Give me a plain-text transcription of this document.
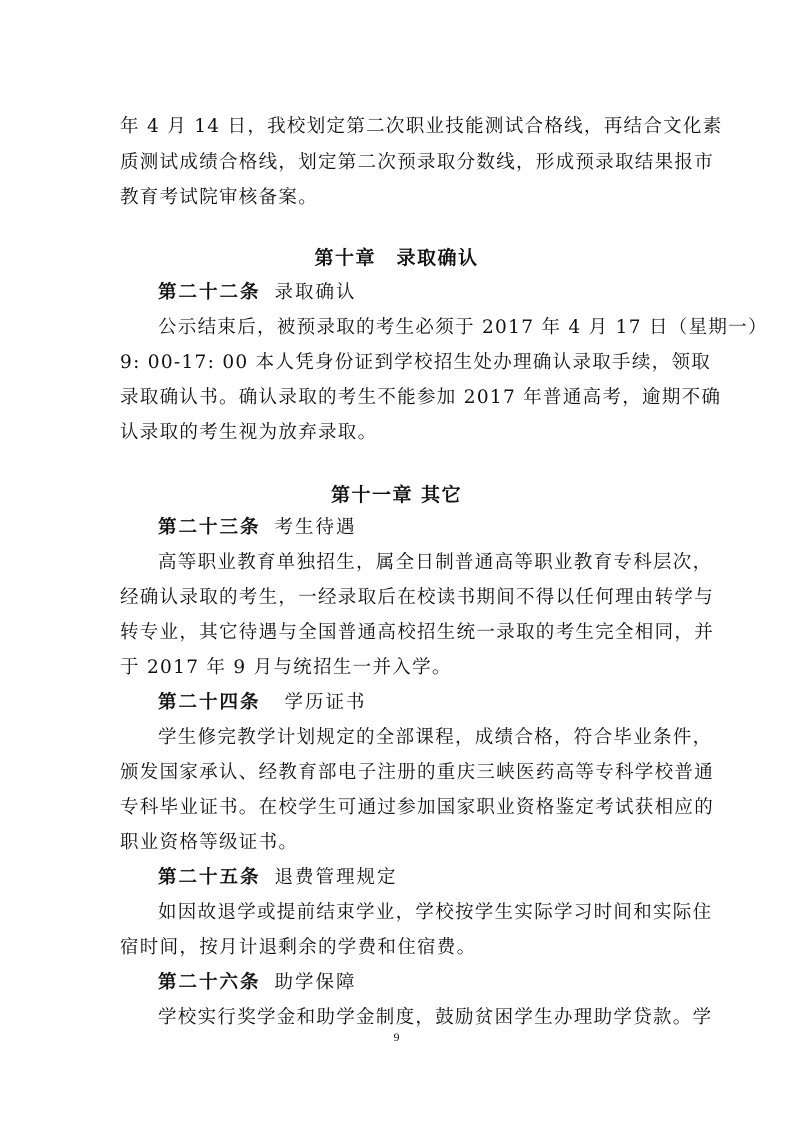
年 4 月 14 日，我校划定第二次职业技能测试合格线，再结合文化素
质测试成绩合格线，划定第二次预录取分数线，形成预录取结果报市
教育考试院审核备案。
第十章　录取确认
第二十二条 录取确认
公示结束后，被预录取的考生必须于 2017 年 4 月 17 日（星期一）
9: 00-17: 00 本人凭身份证到学校招生处办理确认录取手续，领取
录取确认书。确认录取的考生不能参加 2017 年普通高考，逾期不确
认录取的考生视为放弃录取。
第十一章 其它
第二十三条 考生待遇
高等职业教育单独招生，属全日制普通高等职业教育专科层次，
经确认录取的考生，一经录取后在校读书期间不得以任何理由转学与
转专业，其它待遇与全国普通高校招生统一录取的考生完全相同，并
于 2017 年 9 月与统招生一并入学。
第二十四条 学历证书
学生修完教学计划规定的全部课程，成绩合格，符合毕业条件，
颁发国家承认、经教育部电子注册的重庆三峡医药高等专科学校普通
专科毕业证书。在校学生可通过参加国家职业资格鉴定考试获相应的
职业资格等级证书。
第二十五条 退费管理规定
如因故退学或提前结束学业，学校按学生实际学习时间和实际住
宿时间，按月计退剩余的学费和住宿费。
第二十六条 助学保障
学校实行奖学金和助学金制度，鼓励贫困学生办理助学贷款。学
9
